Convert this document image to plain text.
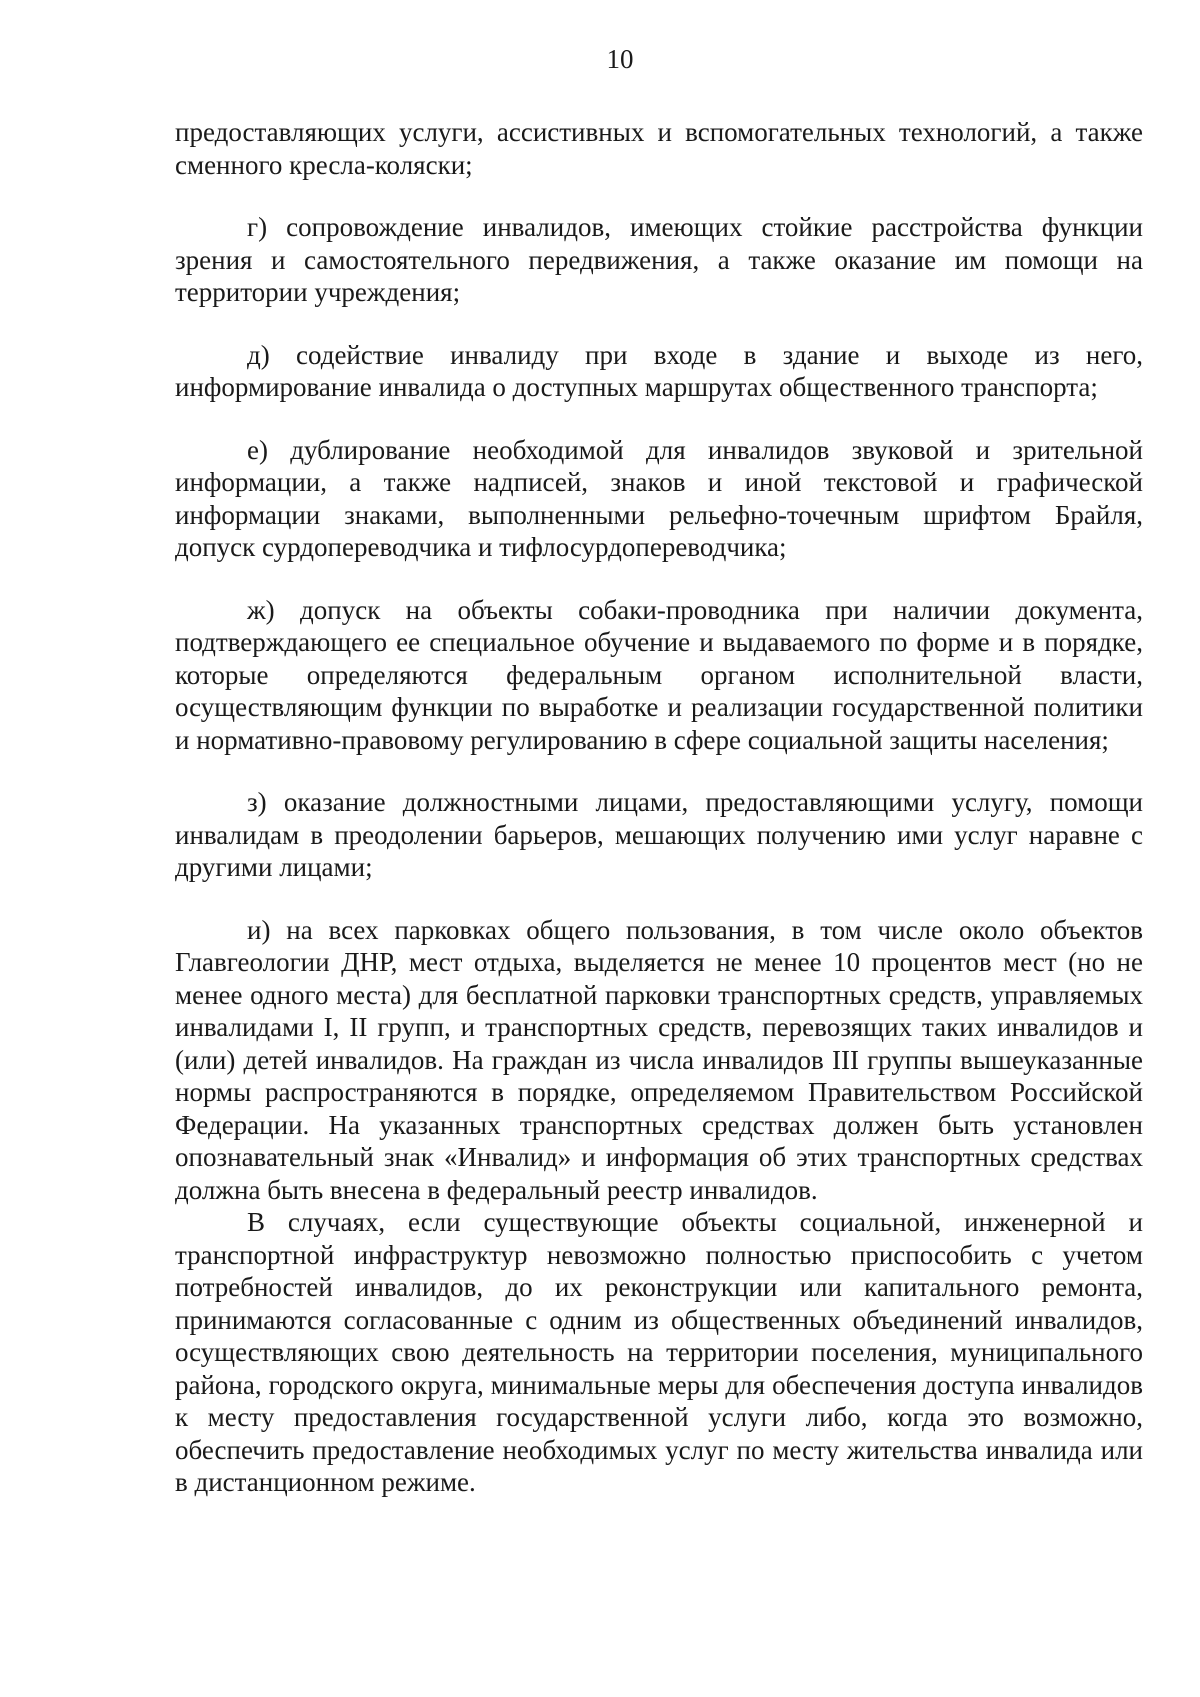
10

предоставляющих услуги, ассистивных и вспомогательных технологий, а также сменного кресла-коляски;

г) сопровождение инвалидов, имеющих стойкие расстройства функции зрения и самостоятельного передвижения, а также оказание им помощи на территории учреждения;

д) содействие инвалиду при входе в здание и выходе из него, информирование инвалида о доступных маршрутах общественного транспорта;

е) дублирование необходимой для инвалидов звуковой и зрительной информации, а также надписей, знаков и иной текстовой и графической информации знаками, выполненными рельефно-точечным шрифтом Брайля, допуск сурдопереводчика и тифлосурдопереводчика;

ж) допуск на объекты собаки-проводника при наличии документа, подтверждающего ее специальное обучение и выдаваемого по форме и в порядке, которые определяются федеральным органом исполнительной власти, осуществляющим функции по выработке и реализации государственной политики и нормативно-правовому регулированию в сфере социальной защиты населения;

з) оказание должностными лицами, предоставляющими услугу, помощи инвалидам в преодолении барьеров, мешающих получению ими услуг наравне с другими лицами;

и) на всех парковках общего пользования, в том числе около объектов Главгеологии ДНР, мест отдыха, выделяется не менее 10 процентов мест (но не менее одного места) для бесплатной парковки транспортных средств, управляемых инвалидами I, II групп, и транспортных средств, перевозящих таких инвалидов и (или) детей инвалидов. На граждан из числа инвалидов III группы вышеуказанные нормы распространяются в порядке, определяемом Правительством Российской Федерации. На указанных транспортных средствах должен быть установлен опознавательный знак «Инвалид» и информация об этих транспортных средствах должна быть внесена в федеральный реестр инвалидов.

В случаях, если существующие объекты социальной, инженерной и транспортной инфраструктур невозможно полностью приспособить с учетом потребностей инвалидов, до их реконструкции или капитального ремонта, принимаются согласованные с одним из общественных объединений инвалидов, осуществляющих свою деятельность на территории поселения, муниципального района, городского округа, минимальные меры для обеспечения доступа инвалидов к месту предоставления государственной услуги либо, когда это возможно, обеспечить предоставление необходимых услуг по месту жительства инвалида или в дистанционном режиме.
